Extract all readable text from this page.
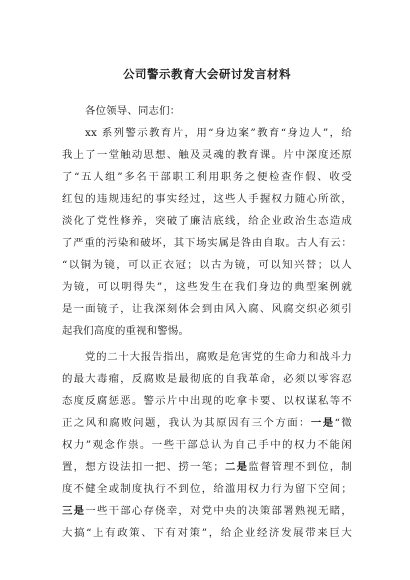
公司警示教育大会研讨发言材料
各位领导、同志们：
xx 系列警示教育片，用“身边案”教育“身边人”，给
我上了一堂触动思想、触及灵魂的教育课。片中深度还原
了“五人组”多名干部职工利用职务之便检查作假、收受
红包的违规违纪的事实经过，这些人手握权力随心所欲，
淡化了党性修养，突破了廉洁底线，给企业政治生态造成
了严重的污染和破坏，其下场实属是咎由自取。古人有云：
“以铜为镜，可以正衣冠；以古为镜，可以知兴替；以人
为镜，可以明得失”，这些发生在我们身边的典型案例就
是一面镜子，让我深刻体会到由风入腐、风腐交织必须引
起我们高度的重视和警惕。
党的二十大报告指出，腐败是危害党的生命力和战斗力
的最大毒瘤，反腐败是最彻底的自我革命，必须以零容忍
态度反腐惩恶。警示片中出现的吃拿卡要、以权谋私等不
正之风和腐败问题，我认为其原因有三个方面：一是“微
权力”观念作祟。一些干部总认为自己手中的权力不能闲
置，想方设法扣一把、捞一笔；二是监督管理不到位，制
度不健全或制度执行不到位，给滥用权力行为留下空间；
三是一些干部心存侥幸，对党中央的决策部署熟视无睹，
大搞“上有政策、下有对策”，给企业经济发展带来巨大
